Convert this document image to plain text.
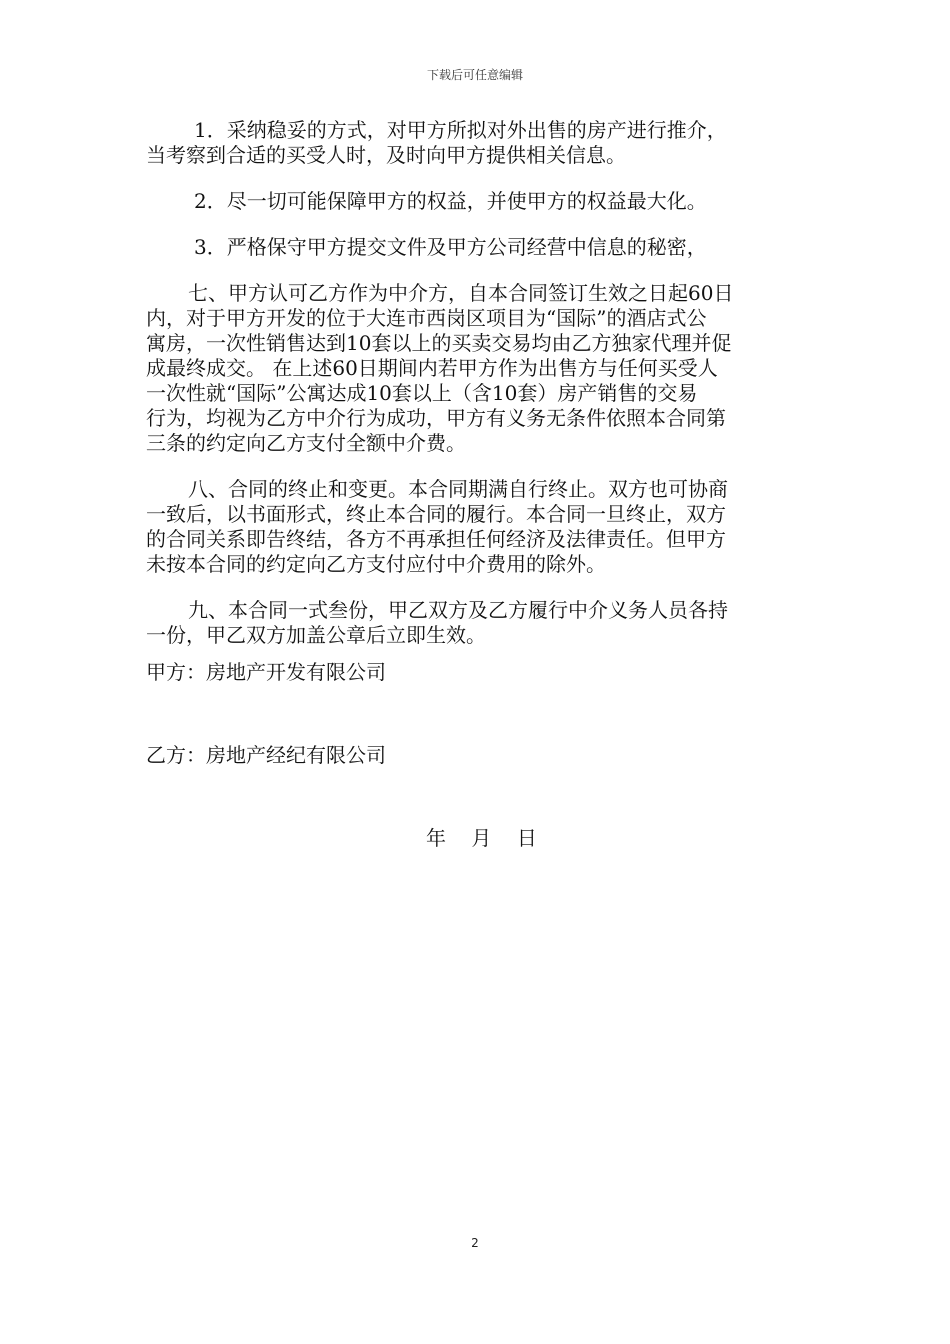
下载后可任意编辑

1．采纳稳妥的方式，对甲方所拟对外出售的房产进行推介，
当考察到合适的买受人时，及时向甲方提供相关信息。

2．尽一切可能保障甲方的权益，并使甲方的权益最大化。

3．严格保守甲方提交文件及甲方公司经营中信息的秘密，

七、甲方认可乙方作为中介方，自本合同签订生效之日起60日
内，对于甲方开发的位于大连市西岗区项目为“国际”的酒店式公
寓房，一次性销售达到10套以上的买卖交易均由乙方独家代理并促
成最终成交。 在上述60日期间内若甲方作为出售方与任何买受人
一次性就“国际”公寓达成10套以上（含10套）房产销售的交易
行为，均视为乙方中介行为成功，甲方有义务无条件依照本合同第
三条的约定向乙方支付全额中介费。

八、合同的终止和变更。本合同期满自行终止。双方也可协商
一致后，以书面形式，终止本合同的履行。本合同一旦终止，双方
的合同关系即告终结，各方不再承担任何经济及法律责任。但甲方
未按本合同的约定向乙方支付应付中介费用的除外。

九、本合同一式叁份，甲乙双方及乙方履行中介义务人员各持
一份，甲乙双方加盖公章后立即生效。

甲方：房地产开发有限公司
乙方：房地产经纪有限公司
年    月    日
2
